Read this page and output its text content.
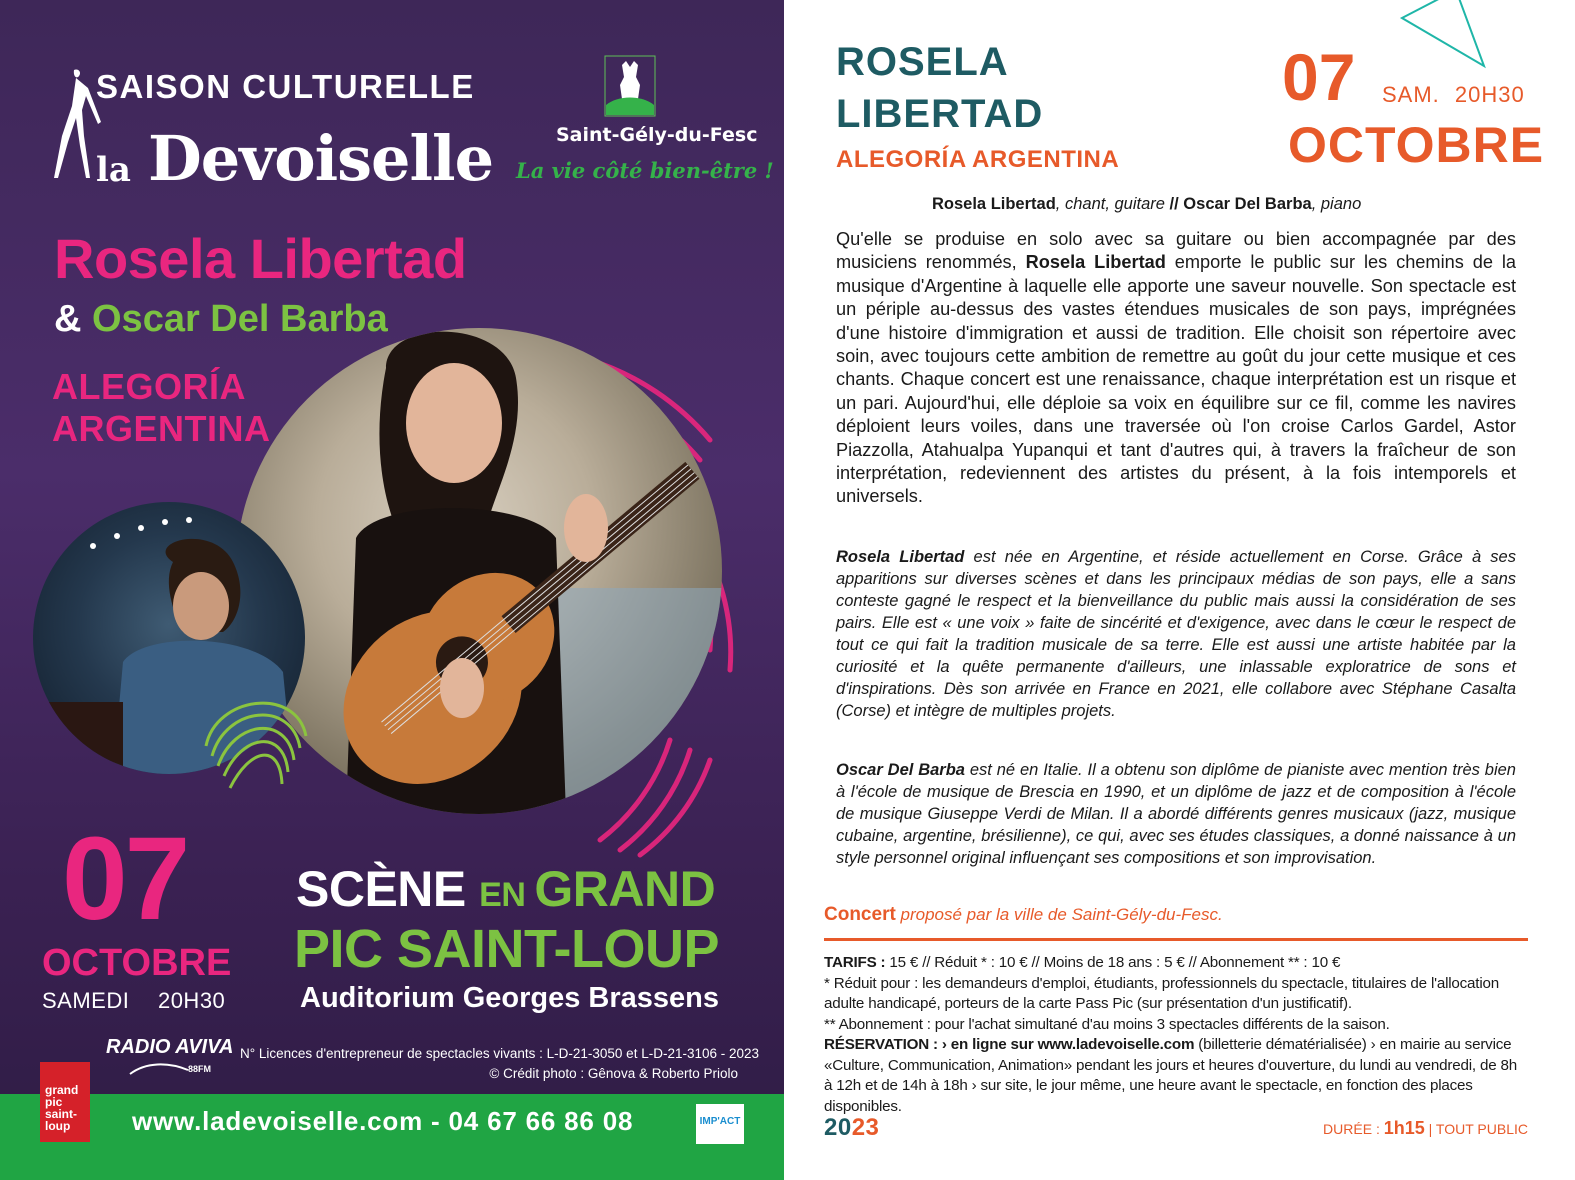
SAISON CULTURELLE
la Devoiselle	Saint-Gély-du-Fesc
La vie côté bien-être !
Rosela Libertad
& Oscar Del Barba
ALEGORÍA
ARGENTINA
07
OCTOBRE
SAMEDI 20H30
SCÈNE EN GRAND
PIC SAINT-LOUP
Auditorium Georges Brassens
RADIO AVIVA
88FM
N° Licences d'entrepreneur de spectacles vivants : L-D-21-3050 et L-D-21-3106 - 2023
© Crédit photo : Gênova & Roberto Priolo
grand pic saint-loup	www.ladevoiselle.com - 04 67 66 86 08	IMP'ACT
ROSELA
LIBERTAD
ALEGORÍA ARGENTINA
07 SAM. 20H30
OCTOBRE
Rosela Libertad, chant, guitare // Oscar Del Barba, piano
Qu'elle se produise en solo avec sa guitare ou bien accompagnée par des musiciens renommés, Rosela Libertad emporte le public sur les chemins de la musique d'Argentine à laquelle elle apporte une saveur nouvelle. Son spectacle est un périple au-dessus des vastes étendues musicales de son pays, imprégnées d'une histoire d'immigration et aussi de tradition. Elle choisit son répertoire avec soin, avec toujours cette ambition de remettre au goût du jour cette musique et ces chants. Chaque concert est une renaissance, chaque interprétation est un risque et un pari. Aujourd'hui, elle déploie sa voix en équilibre sur ce fil, comme les navires déploient leurs voiles, dans une traversée où l'on croise Carlos Gardel, Astor Piazzolla, Atahualpa Yupanqui et tant d'autres qui, à travers la fraîcheur de son interprétation, redeviennent des artistes du présent, à la fois intemporels et universels.
Rosela Libertad est née en Argentine, et réside actuellement en Corse. Grâce à ses apparitions sur diverses scènes et dans les principaux médias de son pays, elle a sans conteste gagné le respect et la bienveillance du public mais aussi la considération de ses pairs. Elle est « une voix » faite de sincérité et d'exigence, avec dans le cœur le respect de tout ce qui fait la tradition musicale de sa terre. Elle est aussi une artiste habitée par la curiosité et la quête permanente d'ailleurs, une inlassable exploratrice de sons et d'inspirations. Dès son arrivée en France en 2021, elle collabore avec Stéphane Casalta (Corse) et intègre de multiples projets.
Oscar Del Barba est né en Italie. Il a obtenu son diplôme de pianiste avec mention très bien à l'école de musique de Brescia en 1990, et un diplôme de jazz et de composition à l'école de musique Giuseppe Verdi de Milan. Il a abordé différents genres musicaux (jazz, musique cubaine, argentine, brésilienne), ce qui, avec ses études classiques, a donné naissance à un style personnel original influençant ses compositions et son improvisation.
Concert proposé par la ville de Saint-Gély-du-Fesc.
TARIFS : 15 € // Réduit * : 10 € // Moins de 18 ans : 5 € // Abonnement ** : 10 €
* Réduit pour : les demandeurs d'emploi, étudiants, professionnels du spectacle, titulaires de l'allocation adulte handicapé, porteurs de la carte Pass Pic (sur présentation d'un justificatif).
** Abonnement : pour l'achat simultané d'au moins 3 spectacles différents de la saison.
RÉSERVATION : › en ligne sur www.ladevoiselle.com (billetterie dématérialisée) › en mairie au service «Culture, Communication, Animation» pendant les jours et heures d'ouverture, du lundi au vendredi, de 8h à 12h et de 14h à 18h › sur site, le jour même, une heure avant le spectacle, en fonction des places disponibles.
2023	DURÉE : 1h15 | TOUT PUBLIC
